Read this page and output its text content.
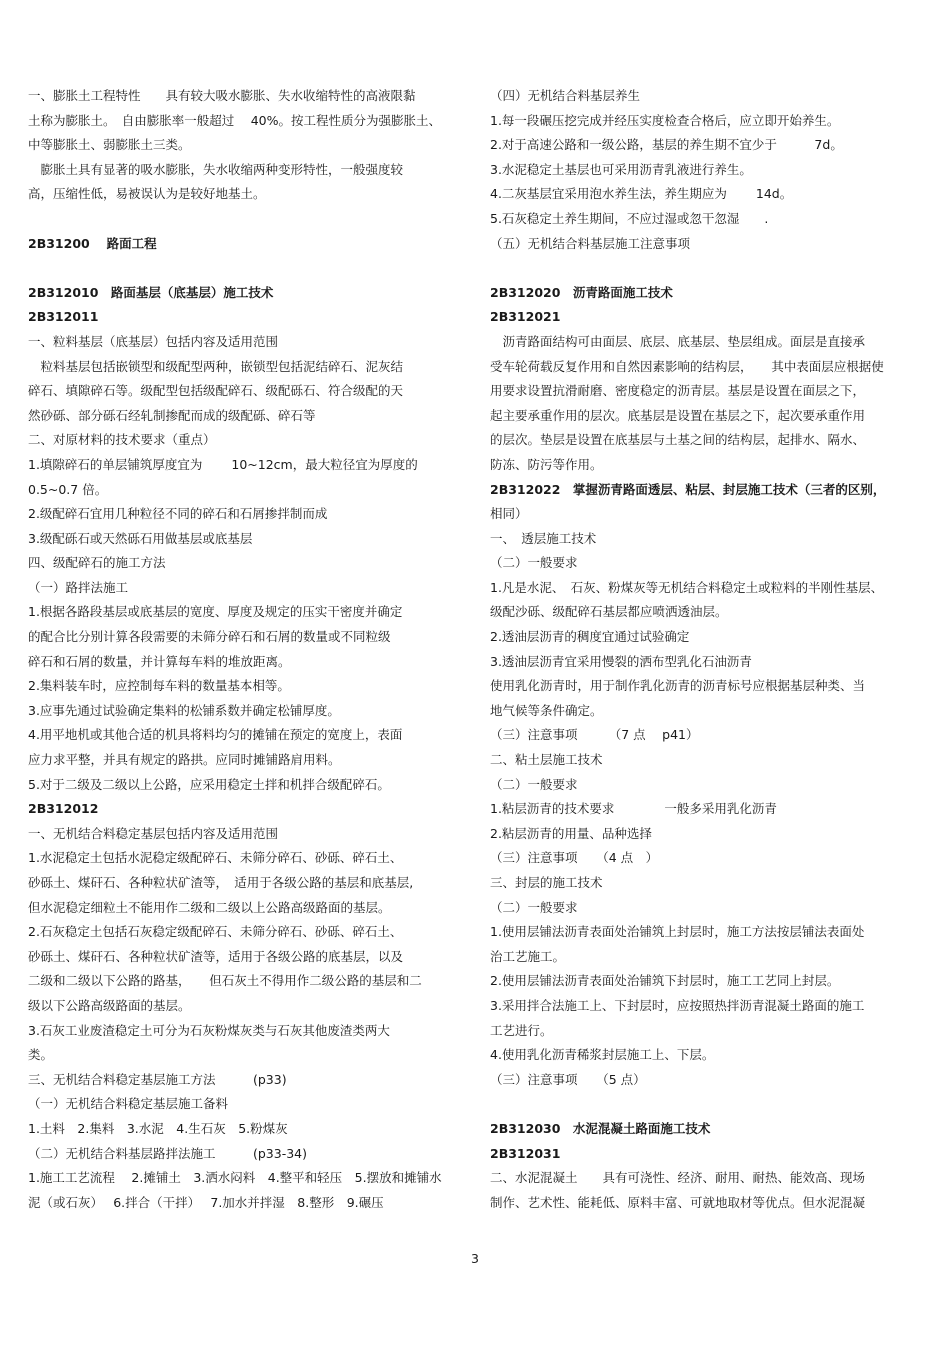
一、膨胀土工程特性　　具有较大吸水膨胀、失水收缩特性的高液限黏
土称为膨胀土。　自由膨胀率一般超过　 40%。按工程性质分为强膨胀土、
中等膨胀土、弱膨胀土三类。
　膨胀土具有显著的吸水膨胀，失水收缩两种变形特性，一般强度较
高，压缩性低，易被误认为是较好地基土。
2B31200　 路面工程
2B312010　路面基层（底基层）施工技术
2B312011
一、粒料基层（底基层）包括内容及适用范围
　粒料基层包括嵌锁型和级配型两种，嵌锁型包括泥结碎石、泥灰结
碎石、填隙碎石等。级配型包括级配碎石、级配砾石、符合级配的天
然砂砾、部分砾石经轧制掺配而成的级配砾、碎石等
二、对原材料的技术要求（重点）
1.填隙碎石的单层铺筑厚度宜为　　 10~12cm，最大粒径宜为厚度的
0.5~0.7 倍。
2.级配碎石宜用几种粒径不同的碎石和石屑掺拌制而成
3.级配砾石或天然砾石用做基层或底基层
四、级配碎石的施工方法
（一）路拌法施工
1.根据各路段基层或底基层的宽度、厚度及规定的压实干密度并确定
的配合比分别计算各段需要的未筛分碎石和石屑的数量或不同粒级
碎石和石屑的数量，并计算每车料的堆放距离。
2.集料装车时，应控制每车料的数量基本相等。
3.应事先通过试验确定集料的松铺系数并确定松铺厚度。
4.用平地机或其他合适的机具将料均匀的摊铺在预定的宽度上，表面
应力求平整，并具有规定的路拱。应同时摊铺路肩用料。
5.对于二级及二级以上公路，应采用稳定土拌和机拌合级配碎石。
2B312012
一、无机结合料稳定基层包括内容及适用范围
1.水泥稳定土包括水泥稳定级配碎石、未筛分碎石、砂砾、碎石土、
砂砾土、煤矸石、各种粒状矿渣等，　适用于各级公路的基层和底基层,
但水泥稳定细粒土不能用作二级和二级以上公路高级路面的基层。
2.石灰稳定土包括石灰稳定级配碎石、未筛分碎石、砂砾、碎石土、
砂砾土、煤矸石、各种粒状矿渣等，适用于各级公路的底基层，以及
二级和二级以下公路的路基，　　但石灰土不得用作二级公路的基层和二
级以下公路高级路面的基层。
3.石灰工业废渣稳定土可分为石灰粉煤灰类与石灰其他废渣类两大
类。
三、无机结合料稳定基层施工方法　　　(p33)
（一）无机结合料稳定基层施工备料
1.土料　2.集料　3.水泥　4.生石灰　5.粉煤灰
（二）无机结合料基层路拌法施工　　　(p33-34)
1.施工工艺流程　 2.摊铺土　3.洒水闷料　4.整平和轻压　5.摆放和摊铺水
泥（或石灰）　 6.拌合（干拌）　 7.加水并拌湿　8.整形　9.碾压
（四）无机结合料基层养生
1.每一段碾压挖完成并经压实度检查合格后，应立即开始养生。
2.对于高速公路和一级公路，基层的养生期不宜少于　　　7d。
3.水泥稳定土基层也可采用沥青乳液进行养生。
4.二灰基层宜采用泡水养生法，养生期应为　　 14d。
5.石灰稳定土养生期间，不应过湿或忽干忽湿　　.
（五）无机结合料基层施工注意事项
2B312020　沥青路面施工技术
2B312021
　沥青路面结构可由面层、底层、底基层、垫层组成。面层是直接承
受车轮荷载反复作用和自然因素影响的结构层，　　其中表面层应根据使
用要求设置抗滑耐磨、密度稳定的沥青层。基层是设置在面层之下，
起主要承重作用的层次。底基层是设置在基层之下，起次要承重作用
的层次。垫层是设置在底基层与土基之间的结构层，起排水、隔水、
防冻、防污等作用。
2B312022　掌握沥青路面透层、粘层、封层施工技术（三者的区别，
相同）
一、　透层施工技术
（二）一般要求
1.凡是水泥、　石灰、粉煤灰等无机结合料稳定土或粒料的半刚性基层、
级配沙砾、级配碎石基层都应喷洒透油层。
2.透油层沥青的稠度宜通过试验确定
3.透油层沥青宜采用慢裂的洒布型乳化石油沥青
使用乳化沥青时，用于制作乳化沥青的沥青标号应根据基层种类、当
地气候等条件确定。
（三）注意事项　　　（7 点　 p41）
二、粘土层施工技术
（二）一般要求
1.粘层沥青的技术要求　　　　一般多采用乳化沥青
2.粘层沥青的用量、品种选择
（三）注意事项　　（4 点　）
三、封层的施工技术
（二）一般要求
1.使用层铺法沥青表面处治铺筑上封层时，施工方法按层铺法表面处
治工艺施工。
2.使用层铺法沥青表面处治铺筑下封层时，施工工艺同上封层。
3.采用拌合法施工上、下封层时，应按照热拌沥青混凝土路面的施工
工艺进行。
4.使用乳化沥青稀浆封层施工上、下层。
（三）注意事项　　（5 点）
2B312030　水泥混凝土路面施工技术
2B312031
二、水泥混凝土　　具有可浇性、经济、耐用、耐热、能效高、现场
制作、艺术性、能耗低、原料丰富、可就地取材等优点。但水泥混凝
3
